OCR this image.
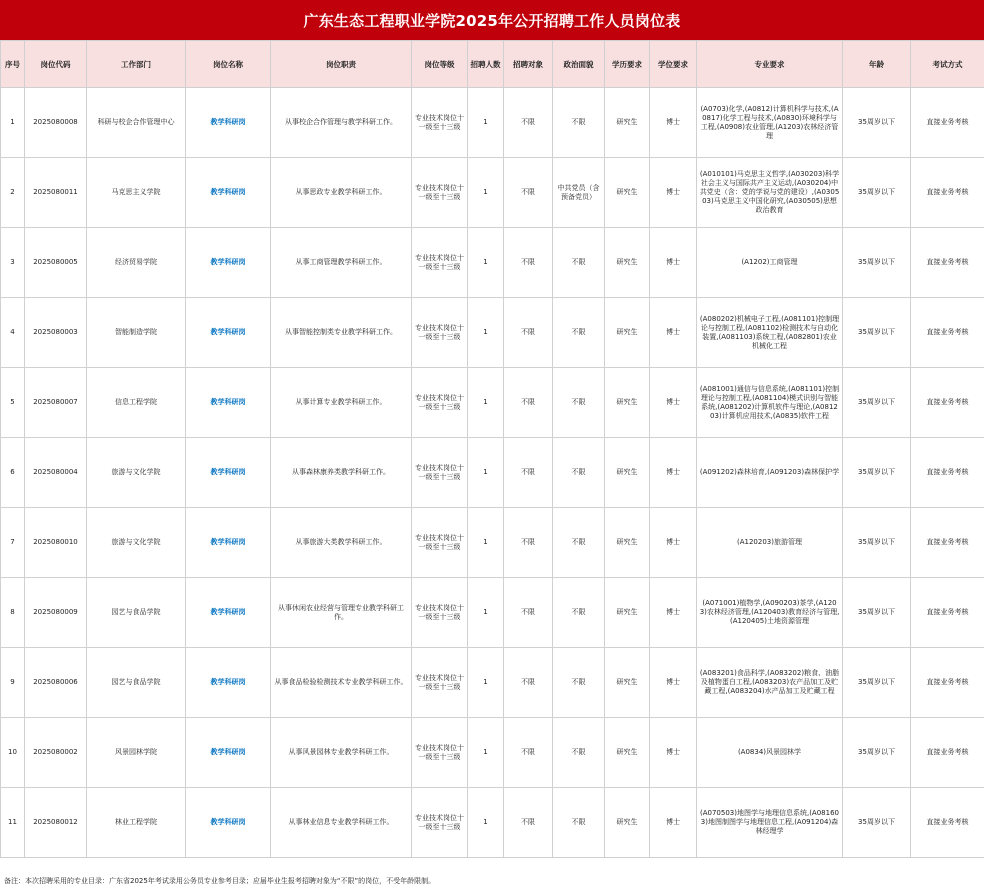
广东生态工程职业学院2025年公开招聘工作人员岗位表
序号	岗位代码	工作部门	岗位名称	岗位职责	岗位等级	招聘人数	招聘对象	政治面貌	学历要求	学位要求	专业要求	年龄	考试方式
1	2025080008	科研与校企合作管理中心	教学科研岗	从事校企合作管理与教学科研工作。	专业技术岗位十一级至十三级	1	不限	不限	研究生	博士	(A0703)化学,(A0812)计算机科学与技术,(A0817)化学工程与技术,(A0830)环境科学与工程,(A0908)农业管理,(A1203)农林经济管理	35周岁以下	直接业务考核
2	2025080011	马克思主义学院	教学科研岗	从事思政专业教学科研工作。	专业技术岗位十一级至十三级	1	不限	中共党员（含预备党员）	研究生	博士	(A010101)马克思主义哲学,(A030203)科学社会主义与国际共产主义运动,(A030204)中共党史（含：党的学说与党的建设）,(A030503)马克思主义中国化研究,(A030505)思想政治教育	35周岁以下	直接业务考核
3	2025080005	经济贸易学院	教学科研岗	从事工商管理教学科研工作。	专业技术岗位十一级至十三级	1	不限	不限	研究生	博士	(A1202)工商管理	35周岁以下	直接业务考核
4	2025080003	智能制造学院	教学科研岗	从事智能控制类专业教学科研工作。	专业技术岗位十一级至十三级	1	不限	不限	研究生	博士	(A080202)机械电子工程,(A081101)控制理论与控制工程,(A081102)检测技术与自动化装置,(A081103)系统工程,(A082801)农业机械化工程	35周岁以下	直接业务考核
5	2025080007	信息工程学院	教学科研岗	从事计算专业教学科研工作。	专业技术岗位十一级至十三级	1	不限	不限	研究生	博士	(A081001)通信与信息系统,(A081101)控制理论与控制工程,(A081104)模式识别与智能系统,(A081202)计算机软件与理论,(A081203)计算机应用技术,(A0835)软件工程	35周岁以下	直接业务考核
6	2025080004	旅游与文化学院	教学科研岗	从事森林康养类教学科研工作。	专业技术岗位十一级至十三级	1	不限	不限	研究生	博士	(A091202)森林培育,(A091203)森林保护学	35周岁以下	直接业务考核
7	2025080010	旅游与文化学院	教学科研岗	从事旅游大类教学科研工作。	专业技术岗位十一级至十三级	1	不限	不限	研究生	博士	(A120203)旅游管理	35周岁以下	直接业务考核
8	2025080009	园艺与食品学院	教学科研岗	从事休闲农业经营与管理专业教学科研工作。	专业技术岗位十一级至十三级	1	不限	不限	研究生	博士	(A071001)植物学,(A090203)茶学,(A1203)农林经济管理,(A120403)教育经济与管理,(A120405)土地资源管理	35周岁以下	直接业务考核
9	2025080006	园艺与食品学院	教学科研岗	从事食品检验检测技术专业教学科研工作。	专业技术岗位十一级至十三级	1	不限	不限	研究生	博士	(A083201)食品科学,(A083202)粮食、油脂及植物蛋白工程,(A083203)农产品加工及贮藏工程,(A083204)水产品加工及贮藏工程	35周岁以下	直接业务考核
10	2025080002	风景园林学院	教学科研岗	从事风景园林专业教学科研工作。	专业技术岗位十一级至十三级	1	不限	不限	研究生	博士	(A0834)风景园林学	35周岁以下	直接业务考核
11	2025080012	林业工程学院	教学科研岗	从事林业信息专业教学科研工作。	专业技术岗位十一级至十三级	1	不限	不限	研究生	博士	(A070503)地图学与地理信息系统,(A081603)地图制图学与地理信息工程,(A091204)森林经理学	35周岁以下	直接业务考核
备注：本次招聘采用的专业目录：广东省2025年考试录用公务员专业参考目录；应届毕业生报考招聘对象为“不限”的岗位，不受年龄限制。
